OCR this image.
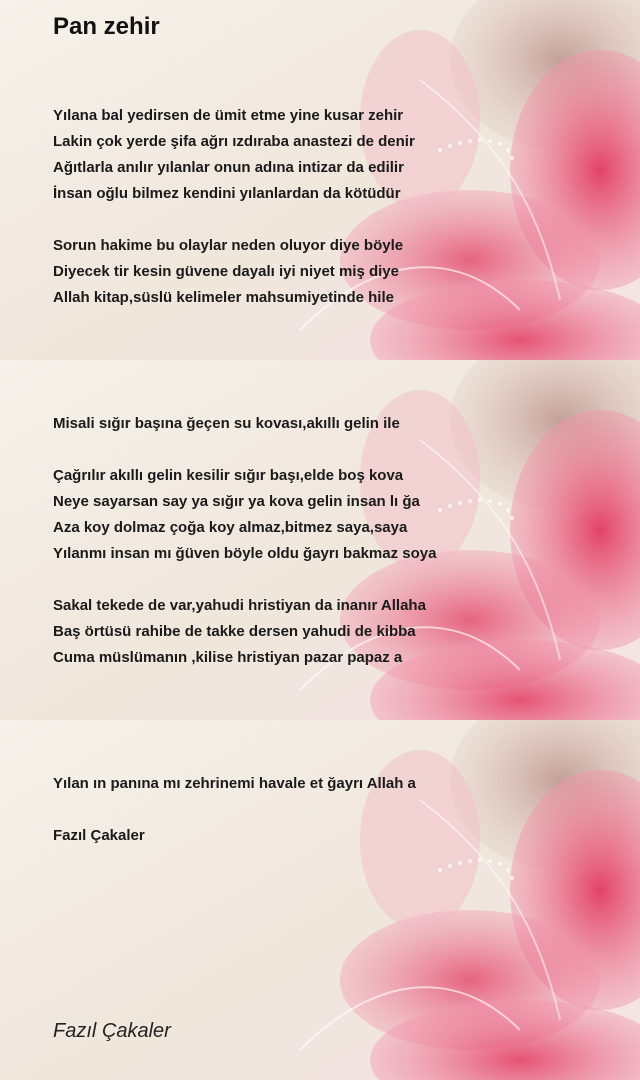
Pan zehir
Yılana bal yedirsen de ümit etme yine kusar zehir
Lakin çok yerde şifa ağrı ızdıraba anastezi de denir
Ağıtlarla anılır yılanlar onun adına intizar da edilir
İnsan oğlu bilmez kendini yılanlardan da kötüdür
Sorun hakime bu olaylar neden oluyor diye böyle
Diyecek tir kesin güvene dayalı iyi niyet miş diye
Allah kitap,süslü kelimeler mahsumiyetinde hile
Misali sığır başına ğeçen su kovası,akıllı gelin ile
Çağrılır akıllı gelin kesilir sığır başı,elde boş kova
Neye sayarsan say ya sığır ya kova gelin insan lı ğa
Aza koy dolmaz çoğa koy almaz,bitmez saya,saya
Yılanmı insan mı ğüven böyle oldu ğayrı bakmaz soya
Sakal tekede de var,yahudi hristiyan da inanır Allaha
Baş örtüsü rahibe de takke dersen yahudi de kibba
Cuma müslümanın ,kilise hristiyan pazar papaz a
Yılan ın panına mı zehrinemi havale et ğayrı Allah a
Fazıl Çakaler
Fazıl Çakaler
